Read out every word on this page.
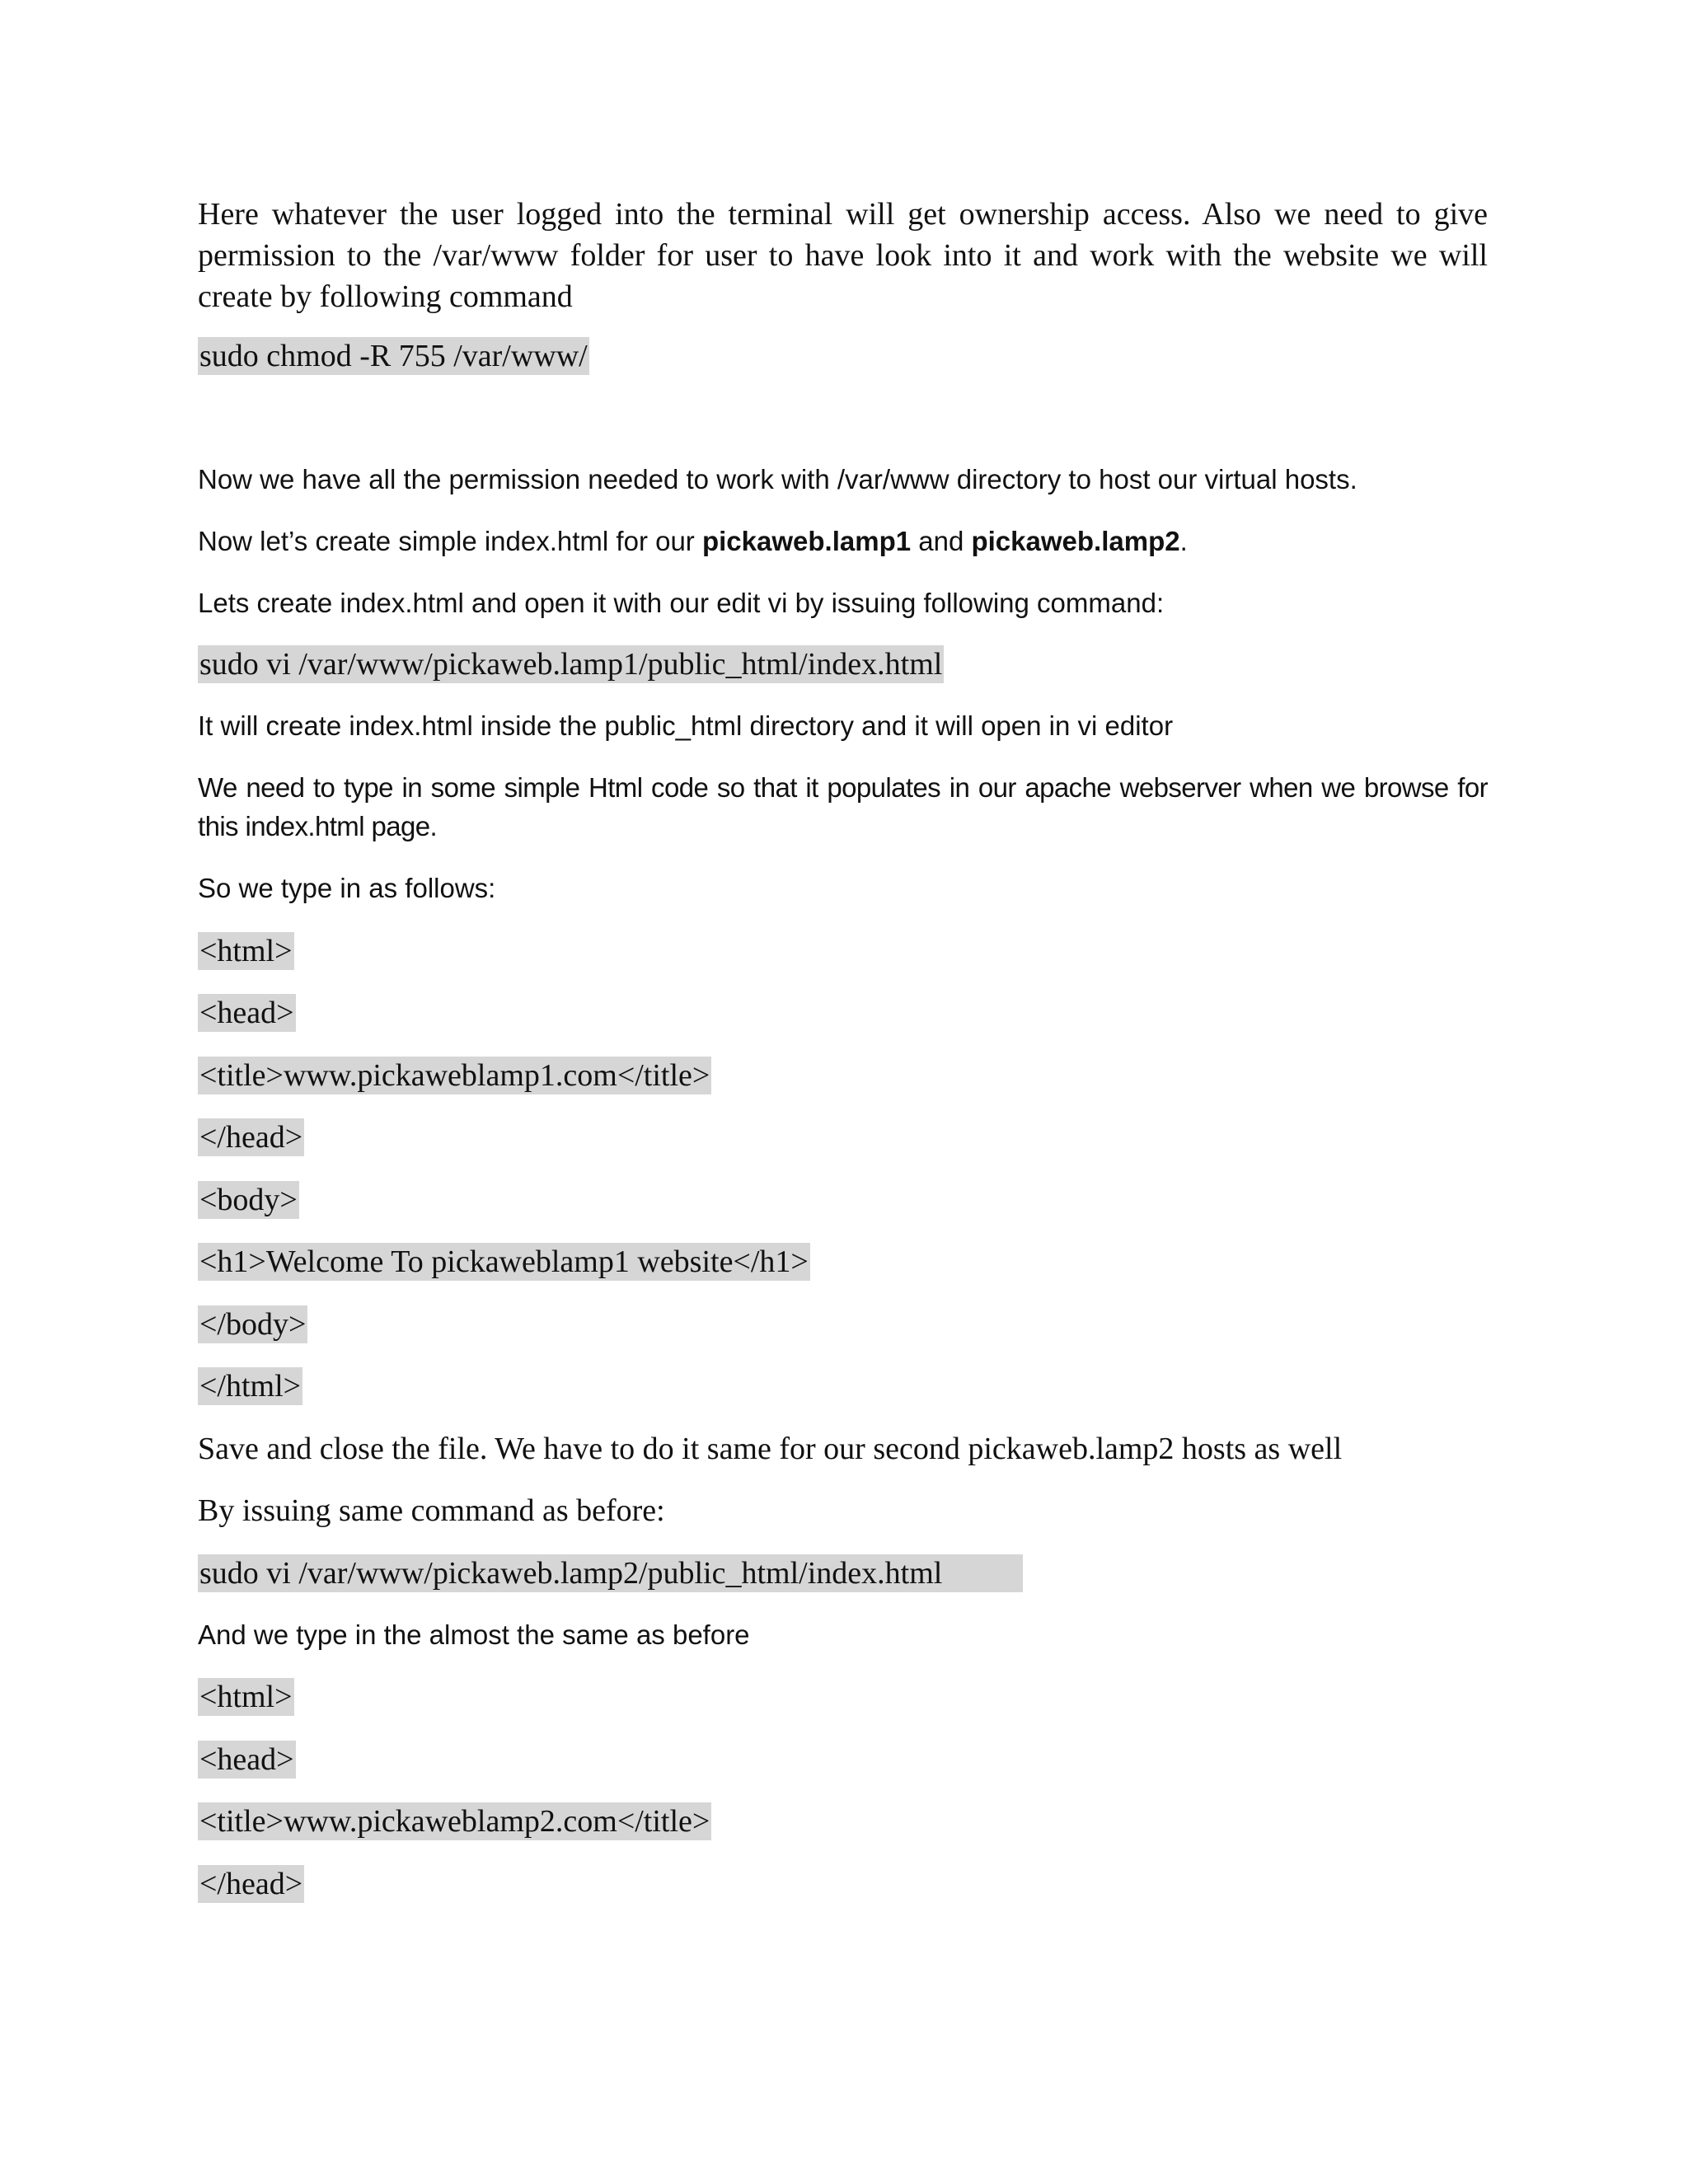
Here whatever the user logged into the terminal will get ownership access. Also we need to give permission to the /var/www folder for user to have look into it and work with the website we will create by following command

sudo chmod -R 755 /var/www/

Now we have all the permission needed to work with /var/www directory to host our virtual hosts.

Now let’s create simple index.html for our pickaweb.lamp1 and pickaweb.lamp2.

Lets create index.html and open it with our edit vi by issuing following command:

sudo vi /var/www/pickaweb.lamp1/public_html/index.html

It will create index.html inside the public_html directory and it will open in vi editor

We need to type in some simple Html code so that it populates in our apache webserver when we browse for this index.html page.

So we type in as follows:

<html>
<head>
<title>www.pickaweblamp1.com</title>
</head>
<body>
<h1>Welcome To pickaweblamp1 website</h1>
</body>
</html>

Save and close the file. We have to do it same for our second pickaweb.lamp2 hosts as well

By issuing same command as before:

sudo vi /var/www/pickaweb.lamp2/public_html/index.html

And we type in the almost the same as before

<html>
<head>
<title>www.pickaweblamp2.com</title>
</head>
